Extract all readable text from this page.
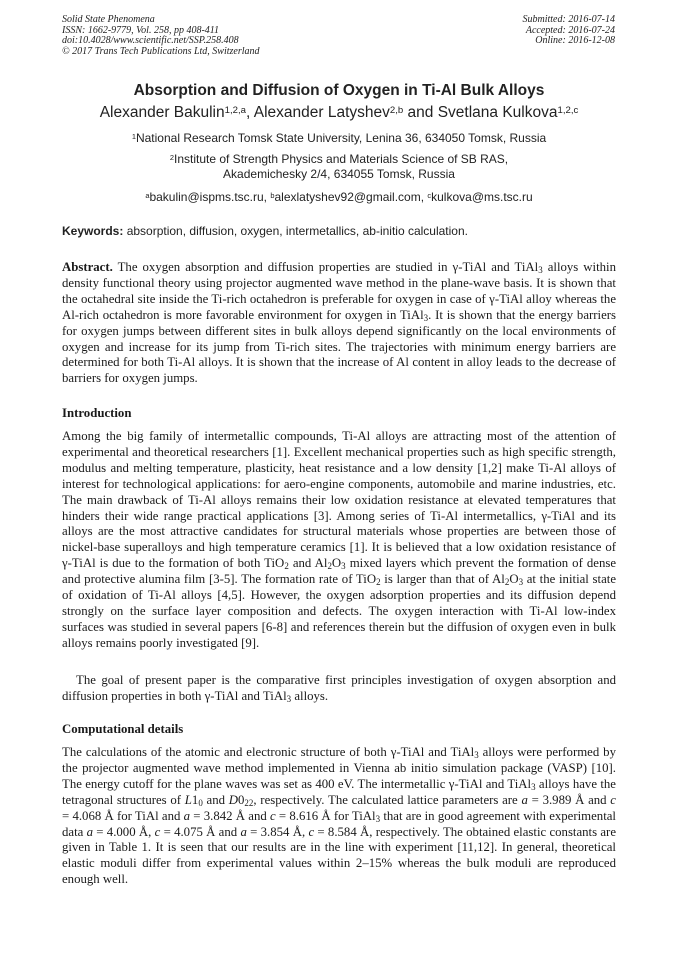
Solid State Phenomena
ISSN: 1662-9779, Vol. 258, pp 408-411
doi:10.4028/www.scientific.net/SSP.258.408
© 2017 Trans Tech Publications Ltd, Switzerland
Submitted: 2016-07-14
Accepted: 2016-07-24
Online: 2016-12-08
Absorption and Diffusion of Oxygen in Ti-Al Bulk Alloys
Alexander Bakulin$^{1,2,a}$, Alexander Latyshev$^{2,b}$ and Svetlana Kulkova$^{1,2,c}$
$^1$National Research Tomsk State University, Lenina 36, 634050 Tomsk, Russia
$^2$Institute of Strength Physics and Materials Science of SB RAS,
Akademichesky 2/4, 634055 Tomsk, Russia
$^a$bakulin@ispms.tsc.ru, $^b$alexlatyshev92@gmail.com, $^c$kulkova@ms.tsc.ru
Keywords: absorption, diffusion, oxygen, intermetallics, ab-initio calculation.
Abstract. The oxygen absorption and diffusion properties are studied in γ-TiAl and TiAl$_3$ alloys within density functional theory using projector augmented wave method in the plane-wave basis. It is shown that the octahedral site inside the Ti-rich octahedron is preferable for oxygen in case of γ-TiAl alloy whereas the Al-rich octahedron is more favorable environment for oxygen in TiAl$_3$. It is shown that the energy barriers for oxygen jumps between different sites in bulk alloys depend significantly on the local environments of oxygen and increase for its jump from Ti-rich sites. The trajectories with minimum energy barriers are determined for both Ti-Al alloys. It is shown that the increase of Al content in alloy leads to the decrease of barriers for oxygen jumps.
Introduction
Among the big family of intermetallic compounds, Ti-Al alloys are attracting most of the attention of experimental and theoretical researchers [1]. Excellent mechanical properties such as high specific strength, modulus and melting temperature, plasticity, heat resistance and a low density [1,2] make Ti-Al alloys of interest for technological applications: for aero-engine components, automobile and marine industries, etc. The main drawback of Ti-Al alloys remains their low oxidation resistance at elevated temperatures that hinders their wide range practical applications [3]. Among series of Ti-Al intermetallics, γ-TiAl and its alloys are the most attractive candidates for structural materials whose properties are between those of nickel-base superalloys and high temperature ceramics [1]. It is believed that a low oxidation resistance of γ-TiAl is due to the formation of both TiO$_2$ and $Al_2O_3$ mixed layers which prevent the formation of dense and protective alumina film [3-5]. The formation rate of TiO$_2$ is larger than that of $Al_2O_3$ at the initial state of oxidation of Ti-Al alloys [4,5]. However, the oxygen adsorption properties and its diffusion depend strongly on the surface layer composition and defects. The oxygen interaction with Ti-Al low-index surfaces was studied in several papers [6-8] and references therein but the diffusion of oxygen even in bulk alloys remains poorly investigated [9].
The goal of present paper is the comparative first principles investigation of oxygen absorption and diffusion properties in both γ-TiAl and TiAl$_3$ alloys.
Computational details
The calculations of the atomic and electronic structure of both γ-TiAl and TiAl$_3$ alloys were performed by the projector augmented wave method implemented in Vienna ab initio simulation package (VASP) [10]. The energy cutoff for the plane waves was set as 400 eV. The intermetallic γ-TiAl and TiAl$_3$ alloys have the tetragonal structures of $L1_0$ and $D0_{22}$, respectively. The calculated lattice parameters are a = 3.989 Å and c = 4.068 Å for TiAl and a = 3.842 Å and c = 8.616 Å for TiAl$_3$ that are in good agreement with experimental data a = 4.000 Å, c = 4.075 Å and a = 3.854 Å, c = 8.584 Å, respectively. The obtained elastic constants are given in Table 1. It is seen that our results are in the line with experiment [11,12]. In general, theoretical elastic moduli differ from experimental values within 2–15% whereas the bulk moduli are reproduced enough well.
